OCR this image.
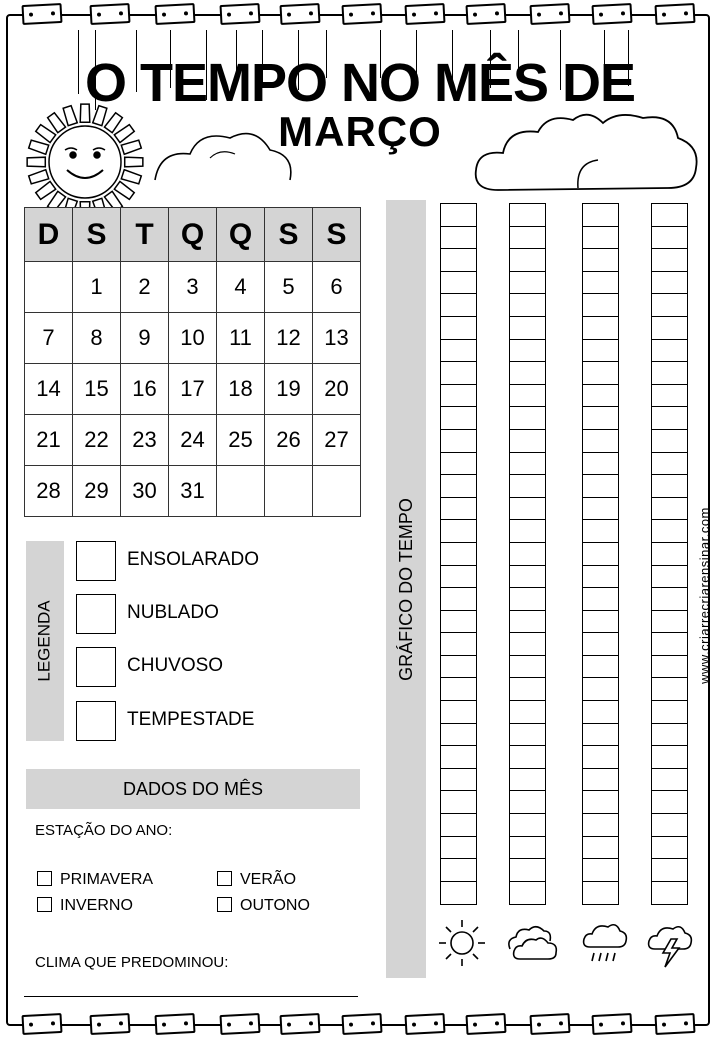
O TEMPO NO MÊS DE
MARÇO
D	S	T	Q	Q	S	S
	1	2	3	4	5	6
7	8	9	10	11	12	13
14	15	16	17	18	19	20
21	22	23	24	25	26	27
28	29	30	31			
LEGENDA
ENSOLARADO
NUBLADO
CHUVOSO
TEMPESTADE
DADOS DO MÊS
ESTAÇÃO DO ANO:
PRIMAVERA	VERÃO
INVERNO	OUTONO
CLIMA QUE PREDOMINOU:
GRÁFICO DO TEMPO	www.criarrecriarensinar.com
